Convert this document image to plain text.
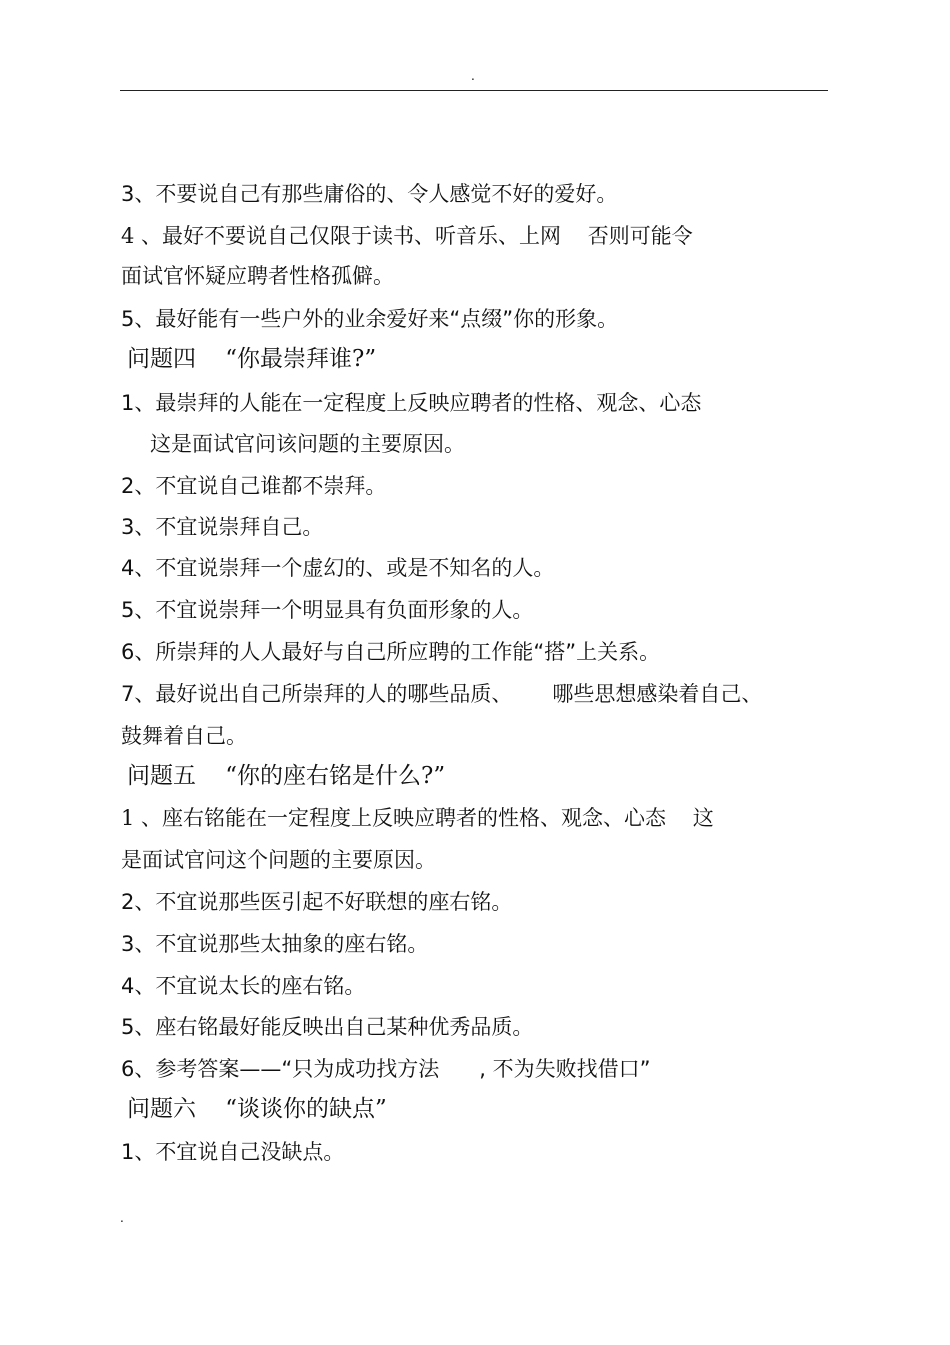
.
3、不要说自己有那些庸俗的、令人感觉不好的爱好。
4 、最好不要说自己仅限于读书、听音乐、上网    否则可能令
面试官怀疑应聘者性格孤僻。
5、最好能有一些户外的业余爱好来“点缀”你的形象。
问题四    “你最崇拜谁?”
1、最崇拜的人能在一定程度上反映应聘者的性格、观念、心态
这是面试官问该问题的主要原因。
2、不宜说自己谁都不崇拜。
3、不宜说崇拜自己。
4、不宜说崇拜一个虚幻的、或是不知名的人。
5、不宜说崇拜一个明显具有负面形象的人。
6、所崇拜的人人最好与自己所应聘的工作能“搭”上关系。
7、最好说出自己所崇拜的人的哪些品质、      哪些思想感染着自己、
鼓舞着自己。
问题五    “你的座右铭是什么?”
1 、座右铭能在一定程度上反映应聘者的性格、观念、心态    这
是面试官问这个问题的主要原因。
2、不宜说那些医引起不好联想的座右铭。
3、不宜说那些太抽象的座右铭。
4、不宜说太长的座右铭。
5、座右铭最好能反映出自己某种优秀品质。
6、参考答案——“只为成功找方法      , 不为失败找借口”
问题六    “谈谈你的缺点”
1、不宜说自己没缺点。
.
